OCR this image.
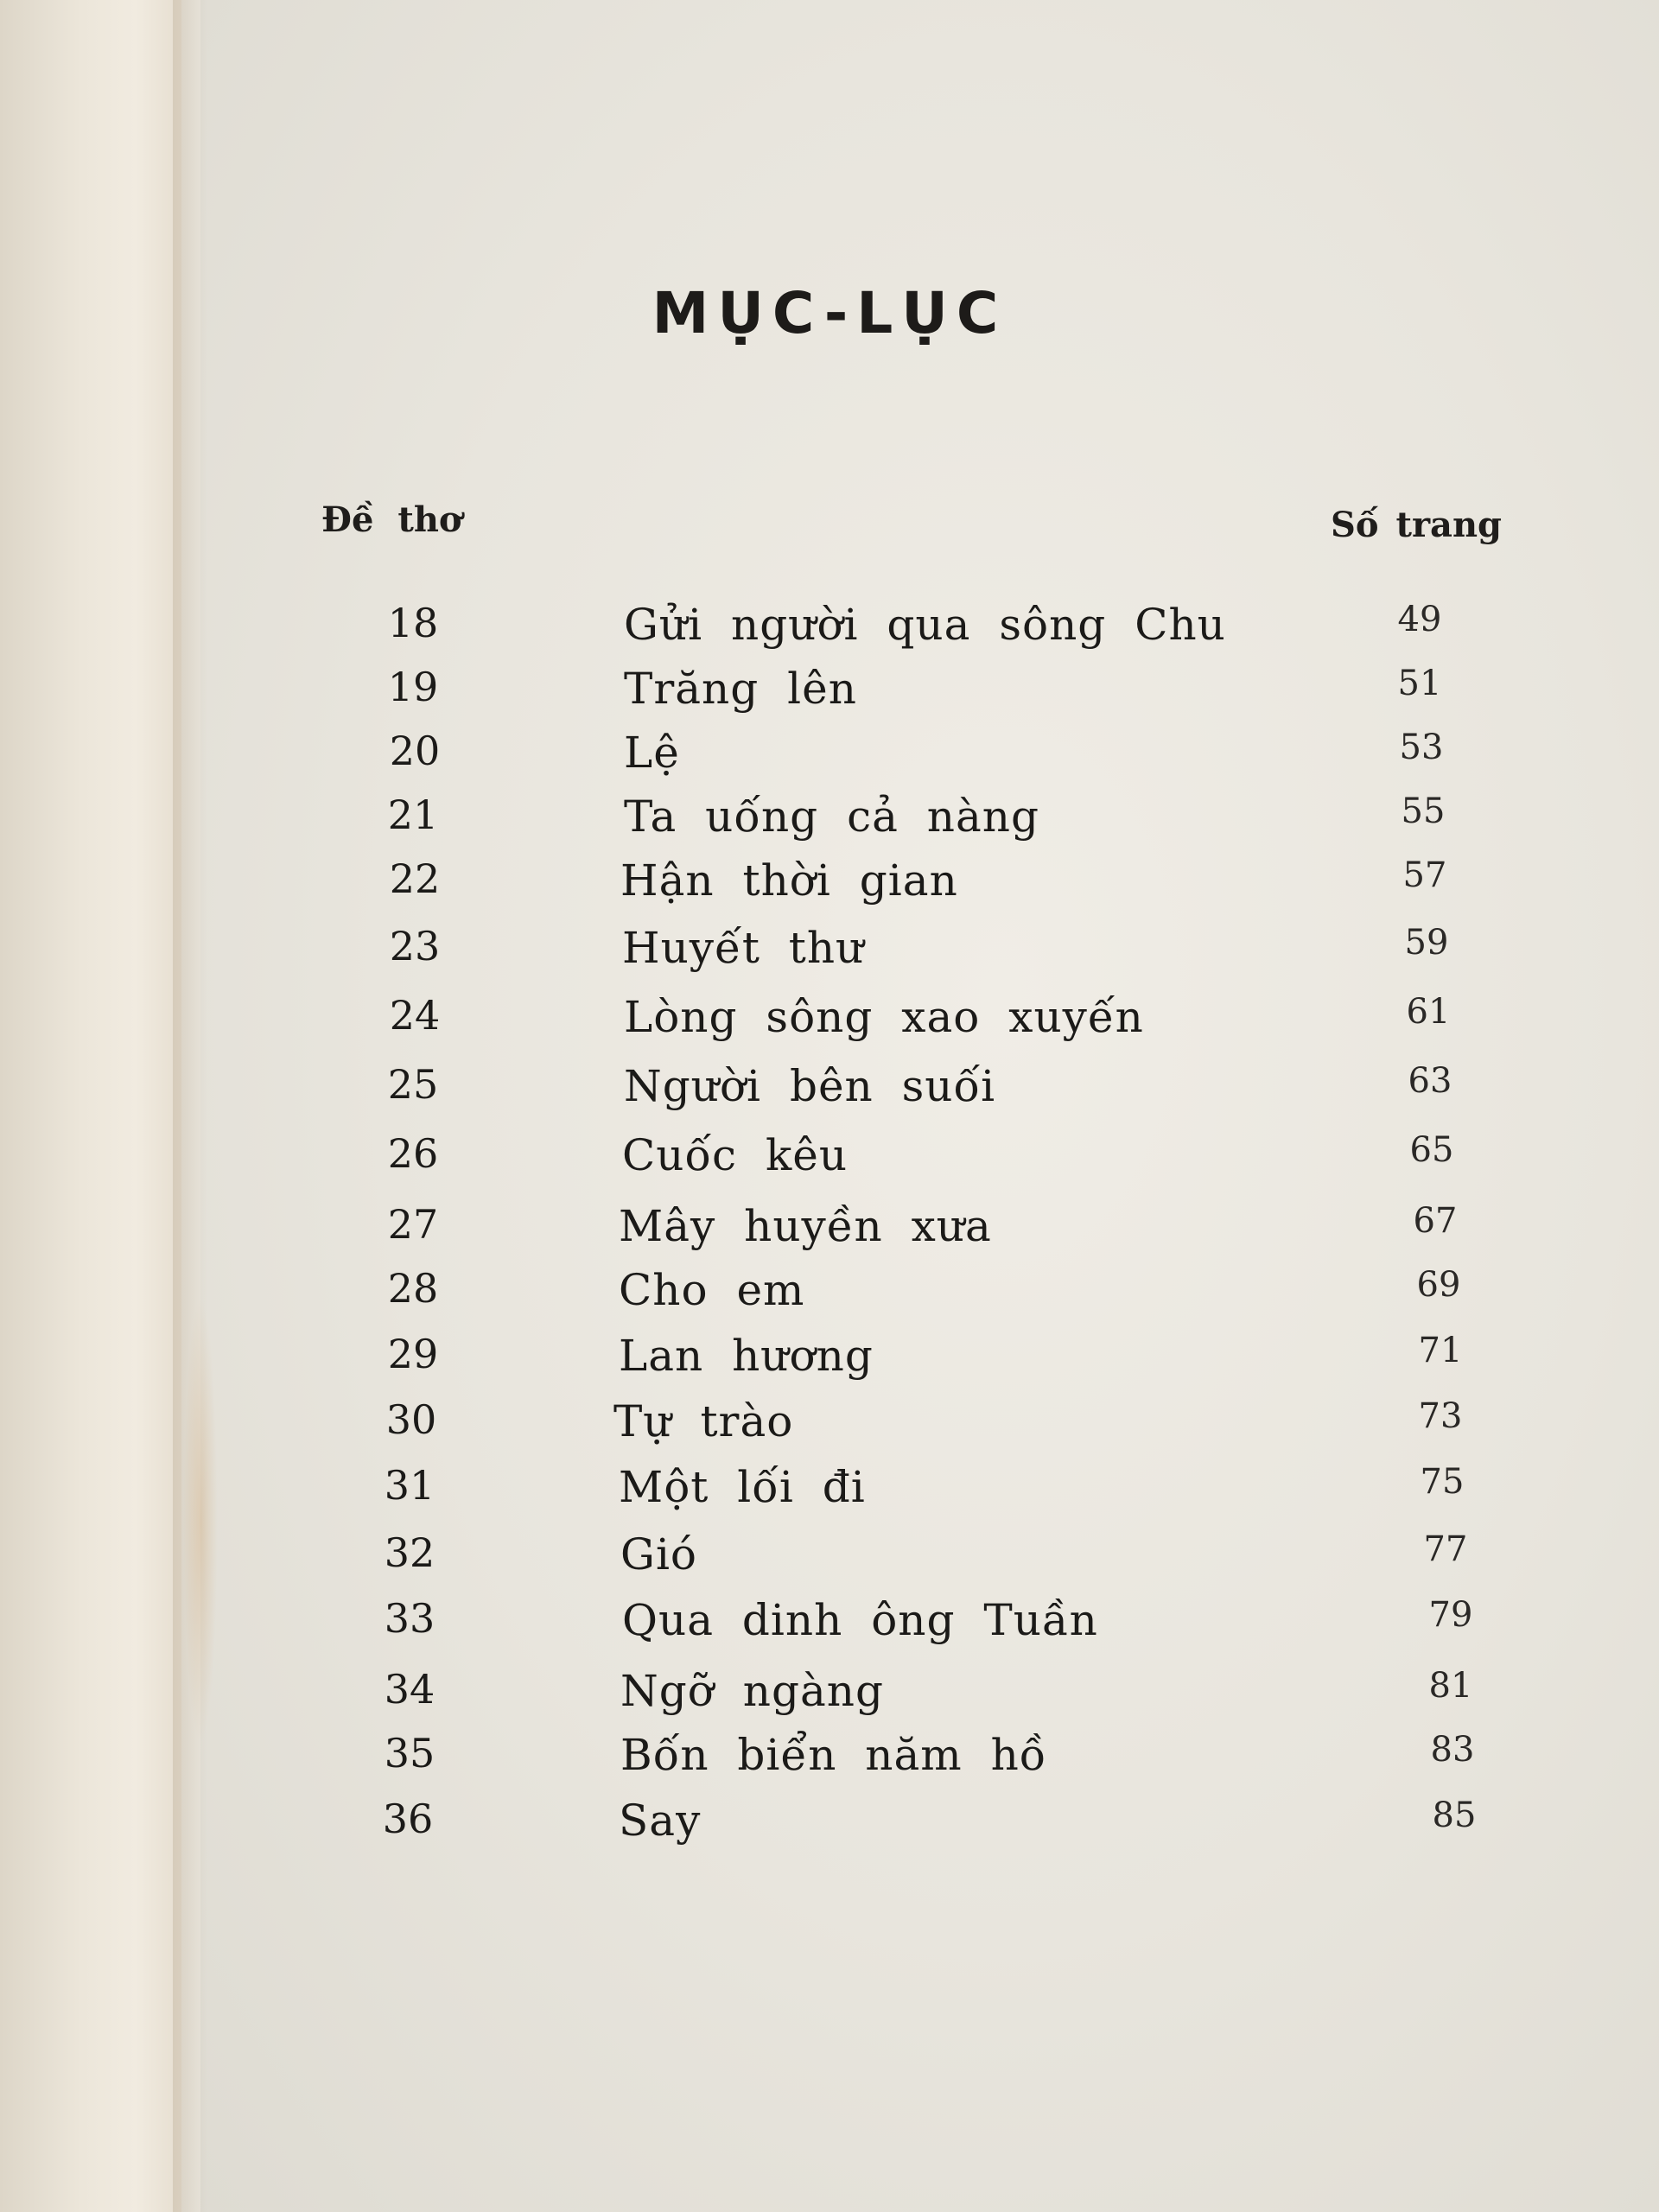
MỤC-LỤC
Đề thơ	Số trang
18	Gửi người qua sông Chu	49
19	Trăng lên	51
20	Lệ	53
21	Ta uống cả nàng	55
22	Hận thời gian	57
23	Huyết thư	59
24	Lòng sông xao xuyến	61
25	Người bên suối	63
26	Cuốc kêu	65
27	Mây huyền xưa	67
28	Cho em	69
29	Lan hương	71
30	Tự trào	73
31	Một lối đi	75
32	Gió	77
33	Qua dinh ông Tuần	79
34	Ngỡ ngàng	81
35	Bốn biển năm hồ	83
36	Say	85
